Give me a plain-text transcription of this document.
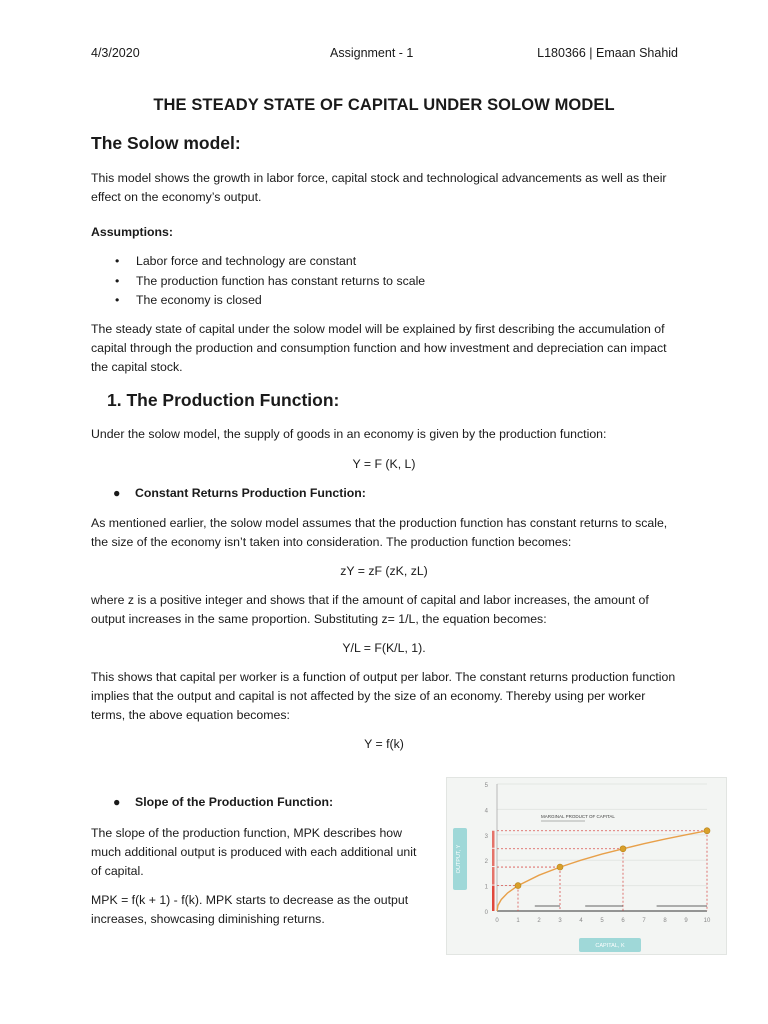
4/3/2020	Assignment - 1	L180366 | Emaan Shahid
THE STEADY STATE OF CAPITAL UNDER SOLOW MODEL
The Solow model:

This model shows the growth in labor force, capital stock and technological advancements as well as their effect on the economy’s output.

Assumptions:
• Labor force and technology are constant
• The production function has constant returns to scale
• The economy is closed

The steady state of capital under the solow model will be explained by first describing the accumulation of capital through the production and consumption function and how investment and depreciation can impact the capital stock.

1. The Production Function:

Under the solow model, the supply of goods in an economy is given by the production function:

Y = F (K, L)
● Constant Returns Production Function:

As mentioned earlier, the solow model assumes that the production function has constant returns to scale, the size of the economy isn’t taken into consideration. The production function becomes:

zY = zF (zK, zL)

where z is a positive integer and shows that if the amount of capital and labor increases, the amount of output increases in the same proportion. Substituting z= 1/L, the equation becomes:

Y/L = F(K/L, 1).

This shows that capital per worker is a function of output per labor. The constant returns production function implies that the output and capital is not affected by the size of an economy. Thereby using per worker terms, the above equation becomes:

Y = f(k)
● Slope of the Production Function:

The slope of the production function, MPK describes how much additional output is produced with each additional unit of capital.

MPK = f(k + 1) - f(k). MPK starts to decrease as the output increases, showcasing diminishing returns.	0
1
2
3
4
5
0	1	2	3	4	5	6	7	8	9	10
MARGINAL PRODUCT OF CAPITAL
OUTPUT, Y
CAPITAL, K
